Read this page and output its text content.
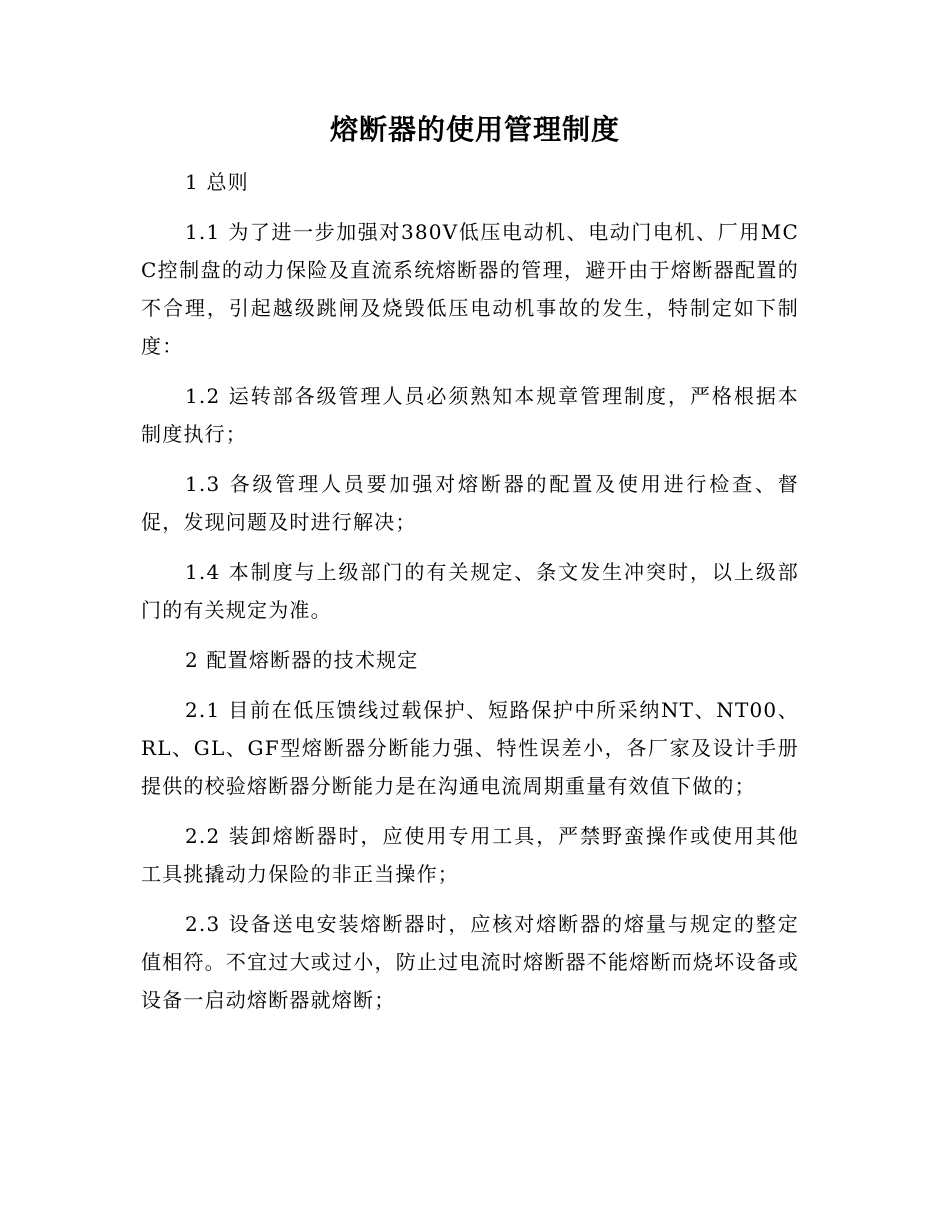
熔断器的使用管理制度

1 总则

1.1 为了进一步加强对380V低压电动机、电动门电机、厂用MCC控制盘的动力保险及直流系统熔断器的管理，避开由于熔断器配置的不合理，引起越级跳闸及烧毁低压电动机事故的发生，特制定如下制度：

1.2 运转部各级管理人员必须熟知本规章管理制度，严格根据本制度执行；

1.3 各级管理人员要加强对熔断器的配置及使用进行检查、督促，发现问题及时进行解决；

1.4 本制度与上级部门的有关规定、条文发生冲突时，以上级部门的有关规定为准。

2 配置熔断器的技术规定

2.1 目前在低压馈线过载保护、短路保护中所采纳NT、NT00、RL、GL、GF型熔断器分断能力强、特性误差小，各厂家及设计手册提供的校验熔断器分断能力是在沟通电流周期重量有效值下做的；

2.2 装卸熔断器时，应使用专用工具，严禁野蛮操作或使用其他工具挑撬动力保险的非正当操作；

2.3 设备送电安装熔断器时，应核对熔断器的熔量与规定的整定值相符。不宜过大或过小，防止过电流时熔断器不能熔断而烧坏设备或设备一启动熔断器就熔断；
